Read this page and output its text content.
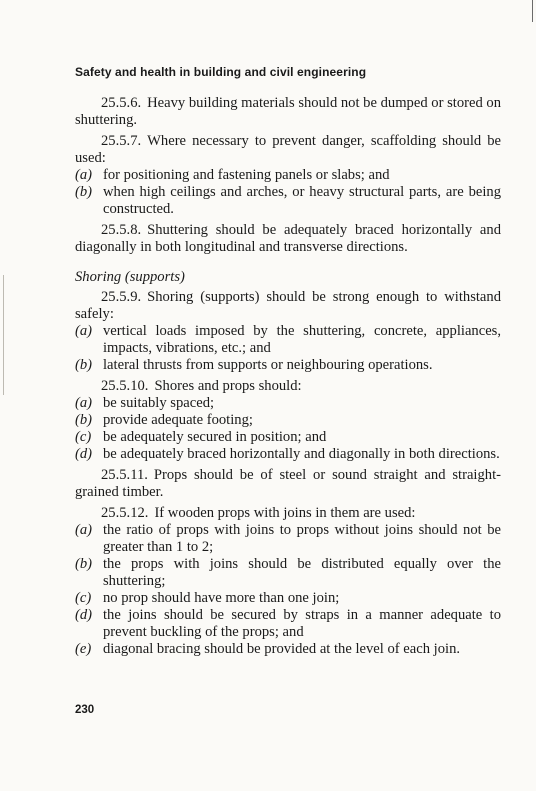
Safety and health in building and civil engineering

25.5.6. Heavy building materials should not be dumped or stored on shuttering.

25.5.7. Where necessary to prevent danger, scaffolding should be used:

(a) for positioning and fastening panels or slabs; and
(b) when high ceilings and arches, or heavy structural parts, are being constructed.

25.5.8. Shuttering should be adequately braced horizontally and diagonally in both longitudinal and transverse directions.

Shoring (supports)

25.5.9. Shoring (supports) should be strong enough to withstand safely:

(a) vertical loads imposed by the shuttering, concrete, appliances, impacts, vibrations, etc.; and
(b) lateral thrusts from supports or neighbouring operations.

25.5.10. Shores and props should:

(a) be suitably spaced;
(b) provide adequate footing;
(c) be adequately secured in position; and
(d) be adequately braced horizontally and diagonally in both directions.

25.5.11. Props should be of steel or sound straight and straight-grained timber.

25.5.12. If wooden props with joins in them are used:

(a) the ratio of props with joins to props without joins should not be greater than 1 to 2;
(b) the props with joins should be distributed equally over the shuttering;
(c) no prop should have more than one join;
(d) the joins should be secured by straps in a manner adequate to prevent buckling of the props; and
(e) diagonal bracing should be provided at the level of each join.
230
